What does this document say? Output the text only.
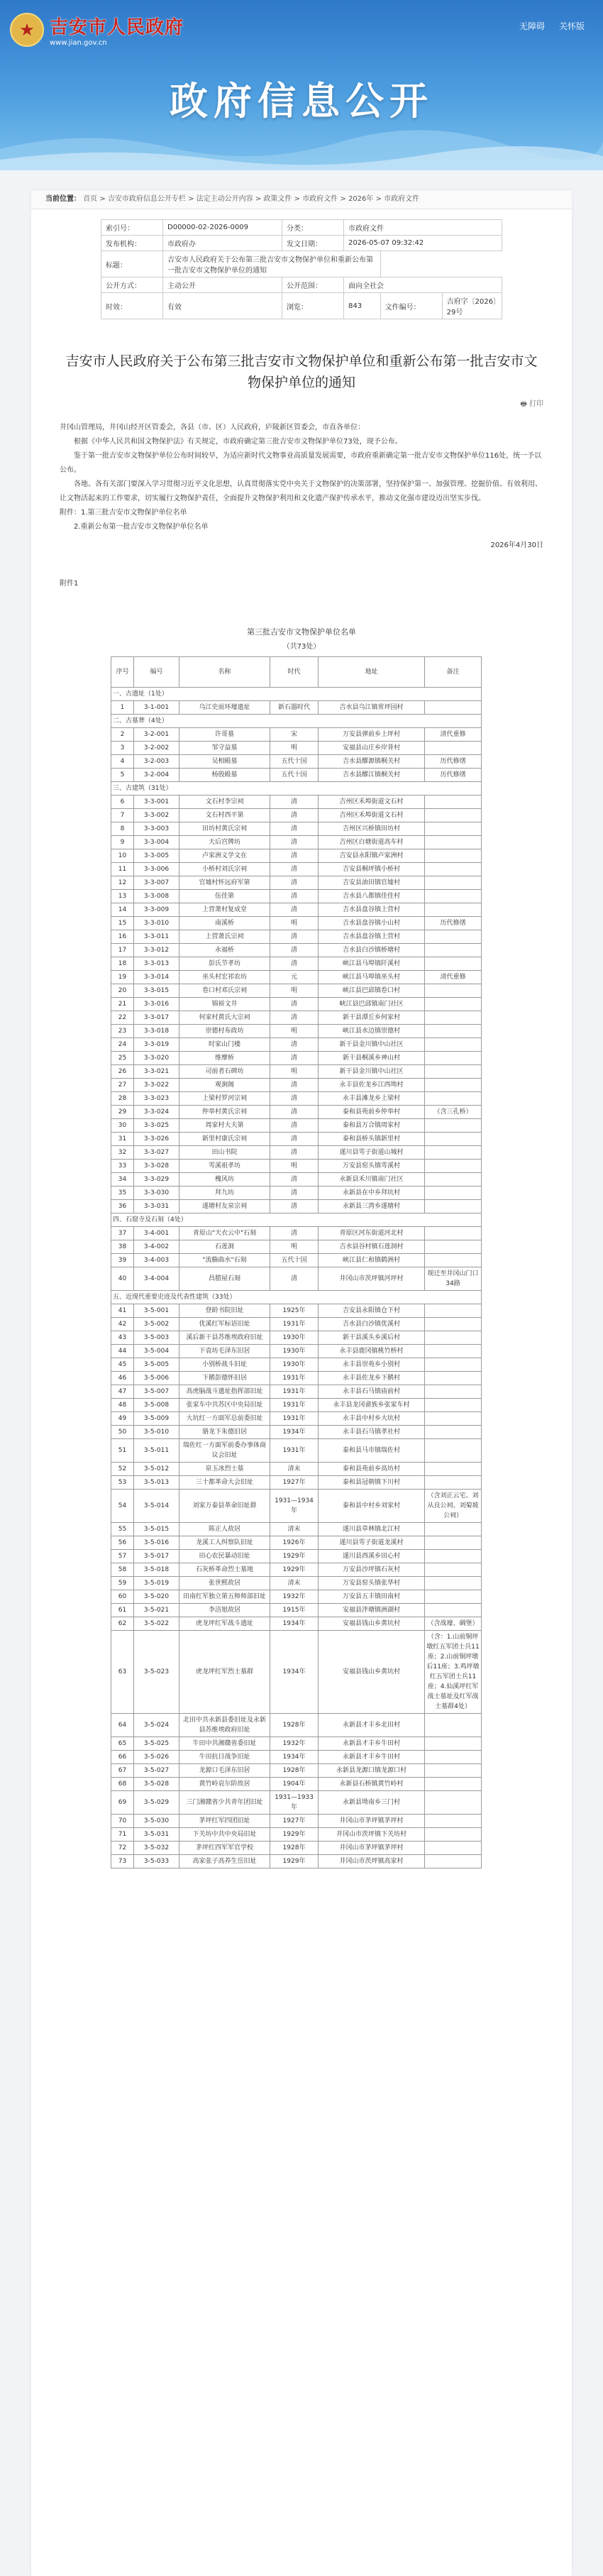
★ 吉安市人民政府
www.jian.gov.cn
无障碍 关怀版
政府信息公开
当前位置： 首页 > 吉安市政府信息公开专栏 > 法定主动公开内容 > 政策文件 > 市政府文件 > 2026年 > 市政府文件
索引号：	D00000-02-2026-0009	分类：	市政府文件		
发布机构：	市政府办	发文日期：	2026-05-07 09:32:42		
标题：	吉安市人民政府关于公布第三批吉安市文物保护单位和重新公布第一批吉安市文物保护单位的通知				
公开方式：	主动公开	公开范围：	面向全社会		
时效：	有效	浏览：	843	文件编号：	吉府字〔2026〕29号
吉安市人民政府关于公布第三批吉安市文物保护单位和重新公布第一批吉安市文物保护单位的通知
🖶 打印

井冈山管理局，井冈山经开区管委会，各县（市、区）人民政府，庐陵新区管委会，市直各单位：

根据《中华人民共和国文物保护法》有关规定，市政府确定第三批吉安市文物保护单位73处，现予公布。

鉴于第一批吉安市文物保护单位公布时间较早，为适应新时代文物事业高质量发展需要，市政府重新确定第一批吉安市文物保护单位116处，统一予以公布。

各地、各有关部门要深入学习贯彻习近平文化思想，认真贯彻落实党中央关于文物保护的决策部署，坚持保护第一、加强管理、挖掘价值、有效利用、让文物活起来的工作要求，切实履行文物保护责任，全面提升文物保护利用和文化遗产保护传承水平，推动文化强市建设迈出坚实步伐。

附件：1.第三批吉安市文物保护单位名单

2.重新公布第一批吉安市文物保护单位名单

2026年4月30日

附件1
第三批吉安市文物保护单位名单
（共73处）
序号	编号	名称	时代	地址	备注
一、古遗址（1处）					
1	3-1-001	乌江史前环壕遗址	新石器时代	吉水县乌江镇常坪园村	
二、古墓葬（4处）					
2	3-2-001	许哥墓	宋	万安县弹前乡上坪村	清代重修
3	3-2-002	邹守益墓	明	安福县山庄乡岸背村	
4	3-2-003	吴相殿墓	五代十国	吉水县醪源镇桐关村	历代修缮
5	3-2-004	杨殷殿墓	五代十国	吉水县醪江镇桐关村	历代修缮
三、古建筑（31处）					
6	3-3-001	文石村李宗祠	清	吉州区禾埠街道文石村	
7	3-3-002	文石村西平第	清	吉州区禾埠街道文石村	
8	3-3-003	田坊村黄氏宗祠	清	吉州区兴桥镇田坊村	
9	3-3-004	天后宫牌坊	清	吉州区白塘街道高车村	
10	3-3-005	卢家洲义学文在	清	吉安县永阳镇卢家洲村	
11	3-3-006	小桥村刘氏宗祠	清	吉安县桐坪镇小桥村	
12	3-3-007	官墟村怀远府军第	清	吉安县油田镇官墟村	
13	3-3-008	伍佳第	清	吉水县八都镇佳佳村	
14	3-3-009	上营萧村复成堂	清	吉水县盘谷镇上营村	
15	3-3-010	南溪桥	明	吉水县盘谷镇小山村	历代修缮
16	3-3-011	上营萧氏宗祠	清	吉水县盘谷镇上营村	
17	3-3-012	永福桥	清	吉水县白沙镇桥塘村	
18	3-3-013	彭氏节孝坊	清	峡江县马埠镇阡溪村	
19	3-3-014	巫头村宏祁农坊	元	峡江县马埠镇巫头村	清代重修
20	3-3-015	卷口村邓氏宗祠	明	峡江县巴邱镇卷口村	
21	3-3-016	锦裕文井	清	峡江县巴邱镇南门社区	
22	3-3-017	何家村黄氏大宗祠	清	新干县潭丘乡何家村	
23	3-3-018	崇德村布政坊	明	峡江县水边镇崇德村	
24	3-3-019	时家山门楼	清	新干县金川镇中山社区	
25	3-3-020	维摩桥	清	新干县桐溪乡神山村	
26	3-3-021	司前者石碑坊	明	新干县金川镇中山社区	
27	3-3-022	观涧阁	清	永丰县佐龙乡江西坳村	
28	3-3-023	上梁村罗河宗祠	清	永丰县滩龙乡上梁村	
29	3-3-024	仲举村黄氏宗祠	清	泰和县苑前乡仲举村	（含三孔桥）
30	3-3-025	周家村大夫第	清	泰和县万合镇周家村	
31	3-3-026	新里村康氏宗祠	清	泰和县桥头镇新里村	
32	3-3-027	田山书院	清	遂川县雩子街道山城村	
33	3-3-028	雩溪祖孝坊	明	万安县窑头镇雩溪村	
34	3-3-029	槐风坊	清	永新县禾川镇南门社区	
35	3-3-030	拜九坊	清	永新县在中乡拜坑村	
36	3-3-031	遂塘村友泉宗祠	清	永新县三湾乡遂塘村	
四、石窟寺及石刻（4处）					
37	3-4-001	青原山"天衣云中"石刻	清	青原区河东街道河北村	
38	3-4-002	石莲洞	明	吉水县谷村镇石莲洞村	
39	3-4-003	"流觞曲水"石刻	五代十国	峡江县仁和镇鹤洲村	
40	3-4-004	昌腊屋石刻	清	井冈山市茨坪镇河坪村	现迁至井冈山门口34路
五、近现代重要史迹及代表性建筑（33处）					
41	3-5-001	登龄书院旧址	1925年	吉安县永阳镇仓下村	
42	3-5-002	优溪红军标语旧址	1931年	吉水县白沙镇优溪村	
43	3-5-003	溪后新干县苏维埃政府旧址	1930年	新干县溪头乡溪后村	
44	3-5-004	下袁坊毛泽东旧居	1930年	永丰县鹿冈镇桃竹桥村	
45	3-5-005	小别桥战斗旧址	1930年	永丰县崇苑乡小别村	
46	3-5-006	下鹅彭德怀旧居	1931年	永丰县佐龙乡下鹅村	
47	3-5-007	高虎脑战斗遗址指挥部旧址	1931年	永丰县石马镇庙前村	
48	3-5-008	张家车中共苏区中央局旧址	1931年	永丰县龙冈畲族乡张家车村	
49	3-5-009	大坑红一方面军总前委旧址	1931年	永丰县中村乡大坑村	
50	3-5-010	骆龙下朱德旧居	1934年	永丰县石马镇孝社村	
51	3-5-011	瑞佐红一方面军前委办事体商议会旧址	1931年	泰和县马市镇瑞佐村	
52	3-5-012	泉玉冰烈士墓	清末	泰和县苑前乡高坊村	
53	3-5-013	三十都革命大会旧址	1927年	泰和县冠朝镇下川村	
54	3-5-014	刘家万泰县革命旧址群	1931—1934年	泰和县中村乡刘家村	（含刘正云宅、刘从良公祠、刘菊坡公祠）
55	3-5-015	陈正人故居	清末	遂川县草林镇北江村	
56	3-5-016	龙溪工人纠察队旧址	1926年	遂川县雩子街道龙溪村	
57	3-5-017	田心农民暴动旧址	1929年	遂川县西溪乡田心村	
58	3-5-018	石灰桥革命烈士墓地	1929年	万安县沙坪镇石灰村	
59	3-5-019	张世熙故居	清末	万安县窑头镇张华村	
60	3-5-020	田南红军独立第五师师部旧址	1932年	万安县五丰镇田南村	
61	3-5-021	李涪旭故居	1915年	安福县泮塘镇洲湖村	
62	3-5-022	虎龙坪红军战斗遗址	1934年	安福县钱山乡黄坑村	（含战壕、碉堡）
63	3-5-023	虎龙坪红军烈士墓群	1934年	安福县钱山乡黄坑村	（含：1.山前铜坪墩红五军团士兵11座；2.山前铜坪墩后11座；3.鸡坪墩红五军团士兵11座；4.仙溪坪红军战士墓址及红军战士墓群4处）
64	3-5-024	北田中共永新县委旧址及永新县苏维埃政府旧址	1928年	永新县才丰乡北田村	
65	3-5-025	牛田中共湘赣省委旧址	1932年	永新县才丰乡牛田村	
66	3-5-026	牛田抗日战争旧址	1934年	永新县才丰乡牛田村	
67	3-5-027	龙源口毛泽东旧居	1928年	永新县龙源口镇龙源口村	
68	3-5-028	黄竹岭哀尔阶故居	1904年	永新县石桥镇黄竹岭村	
69	3-5-029	三门湘赣省少共青年团旧址	1931—1933年	永新县坳南乡三门村	
70	3-5-030	茅坪红军四团旧址	1927年	井冈山市茅坪镇茅坪村	
71	3-5-031	下关坊中共中央局旧址	1929年	井冈山市茨坪镇下关坊村	
72	3-5-032	茅坪红四军军官学校	1928年	井冈山市茅坪镇茅坪村	
73	3-5-033	高家张子高养生岳旧址	1929年	井冈山市茨坪镇高家村	
